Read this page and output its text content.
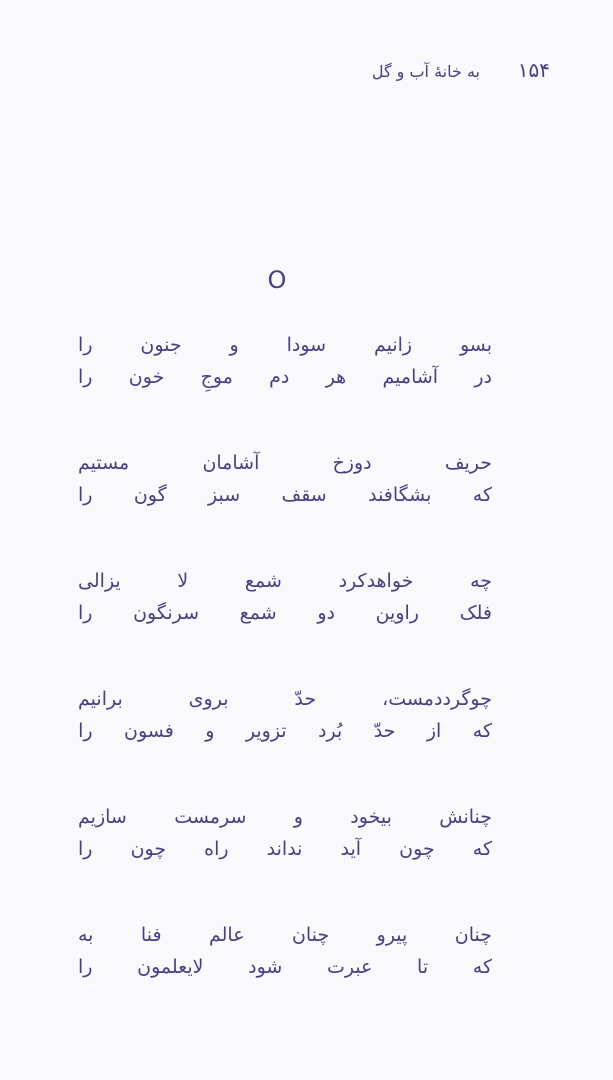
۱۵۴
به خانهٔ آب و گل
O
بسو
زانیم
سودا
و
جنون
را
در
آشامیم
هر
دم
موجِ
خون
را
حریف
دوزخ
آشامان
مستیم
که
بشگافند
سقف
سبز
گون
را
چه
خواهدکرد
شمع
لا
یزالی
فلک
راوین
دو
شمع
سرنگون
را
چوگرددمست،
حدّ
بروی
برانیم
که
از
حدّ
بُرد
تزویر
و
فسون
را
چنانش
بیخود
و
سرمست
سازیم
که
چون
آید
نداند
راه
چون
را
چنان
پیرو
چنان
عالم
فنا
به
که
تا
عبرت
شود
لایعلمون
را
